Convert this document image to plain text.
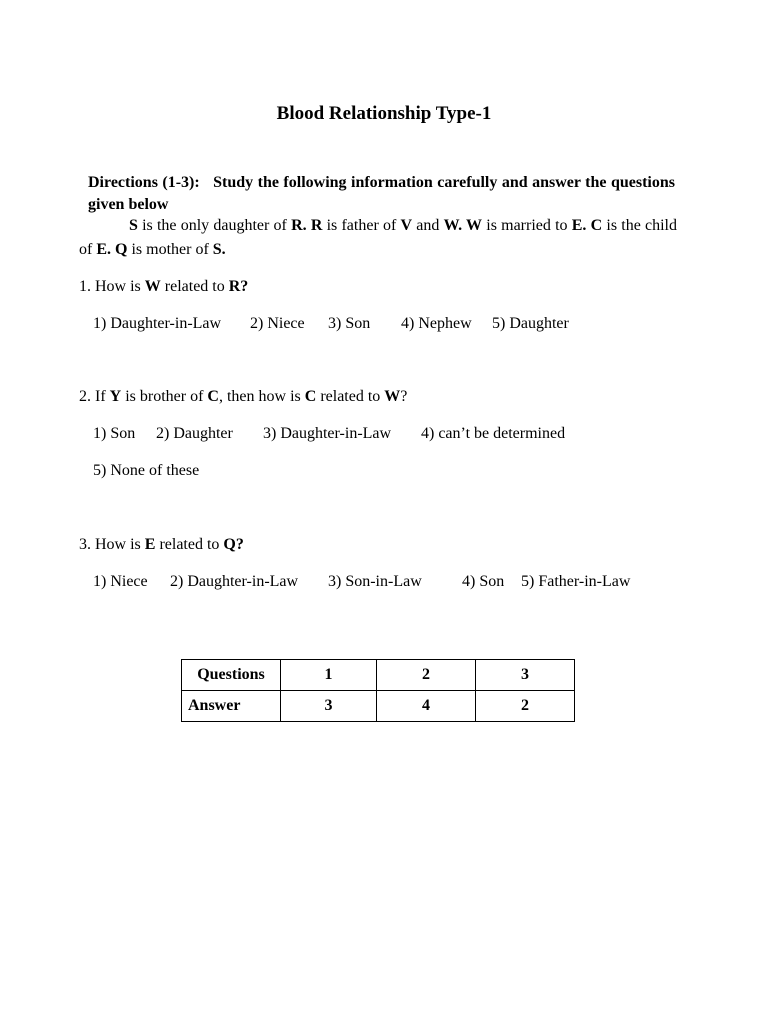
Blood Relationship Type-1
Directions (1-3): Study the following information carefully and answer the questions given below
S is the only daughter of R. R is father of V and W. W is married to E. C is the child of E. Q is mother of S.
1. How is W related to R?
1) Daughter-in-Law 2) Niece 3) Son 4) Nephew 5) Daughter
2. If Y is brother of C, then how is C related to W?
1) Son 2) Daughter 3) Daughter-in-Law 4) can’t be determined
5) None of these
3. How is E related to Q?
1) Niece 2) Daughter-in-Law 3) Son-in-Law	4) Son 5) Father-in-Law
Questions	1	2	3
Answer	3	4	2
